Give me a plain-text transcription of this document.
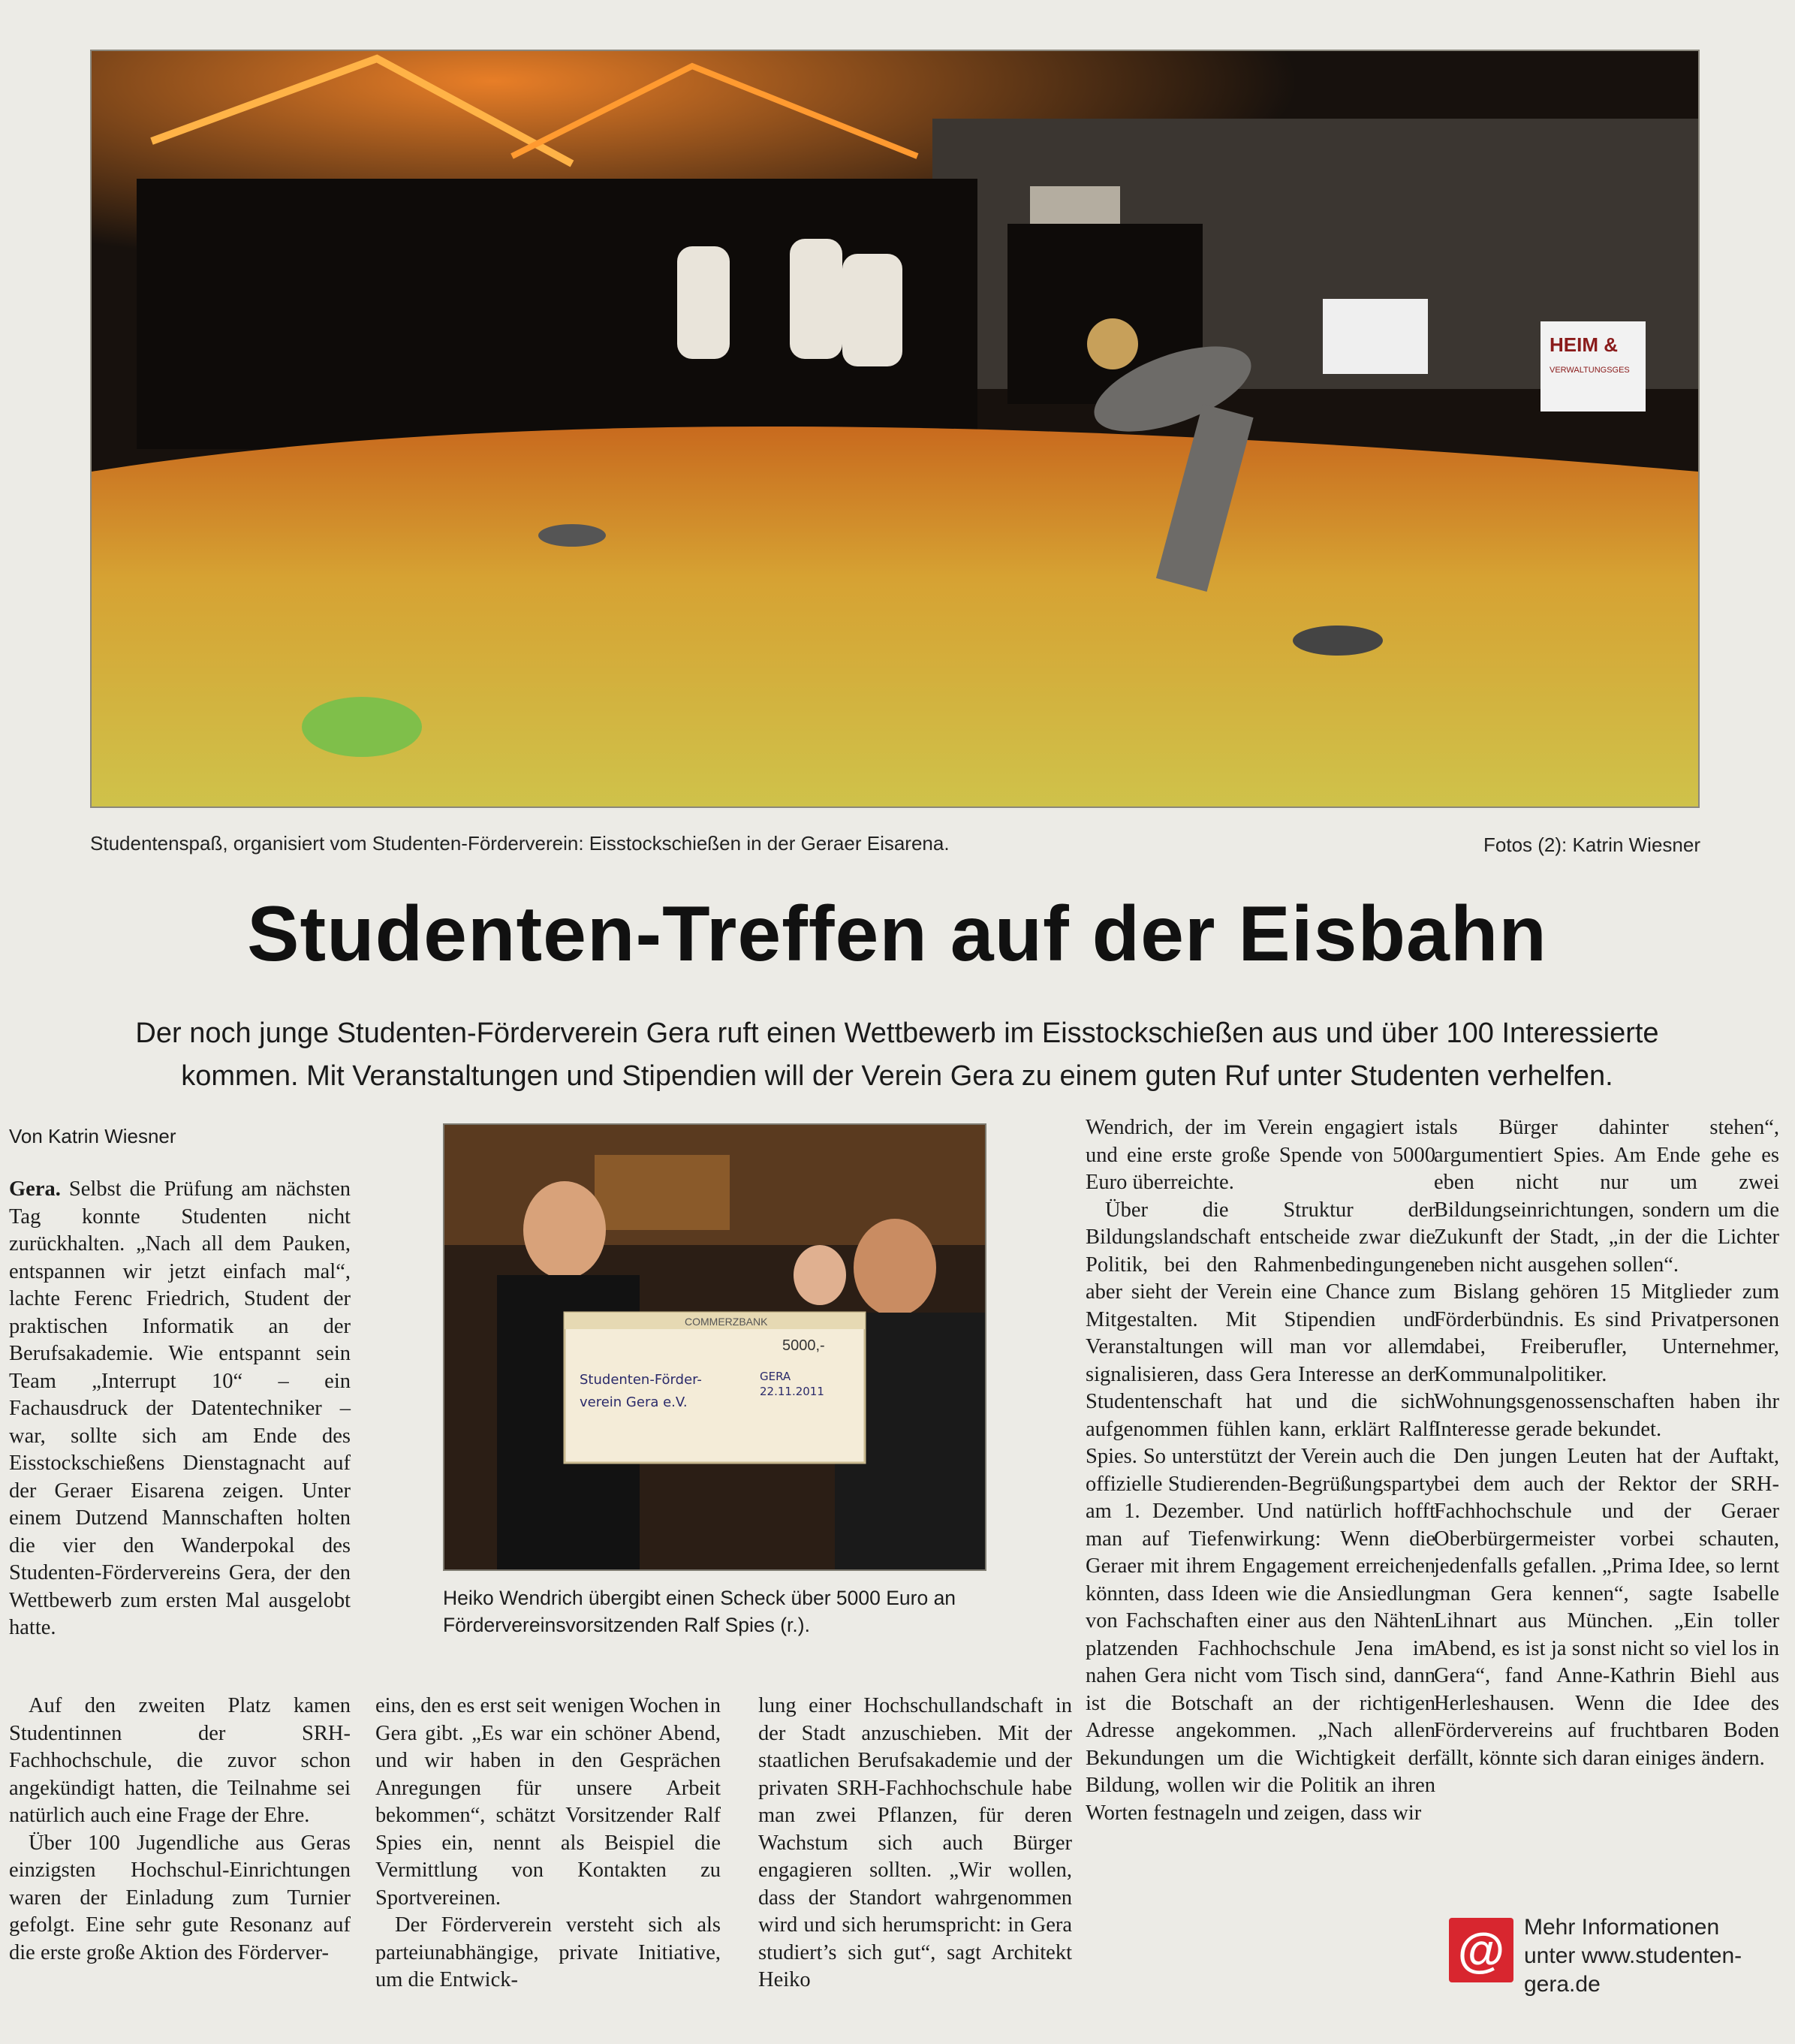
HEIM &
VERWALTUNGSGES
Studentenspaß, organisiert vom Studenten-Förderverein: Eisstockschießen in der Geraer Eisarena.	Fotos (2): Katrin Wiesner
Studenten-Treffen auf der Eisbahn
Der noch junge Studenten-Förderverein Gera ruft einen Wettbewerb im Eisstockschießen aus und über 100 Interessierte
kommen. Mit Veranstaltungen und Stipendien will der Verein Gera zu einem guten Ruf unter Studenten verhelfen.
Von Katrin Wiesner

Gera. Selbst die Prüfung am nächsten Tag konnte Studenten nicht zurückhalten. „Nach all dem Pauken, entspannen wir jetzt einfach mal“, lachte Ferenc Friedrich, Student der praktischen Informatik an der Berufsakademie. Wie entspannt sein Team „Interrupt 10“ – ein Fachausdruck der Datentechniker – war, sollte sich am Ende des Eisstockschießens Dienstagnacht auf der Geraer Eisarena zeigen. Unter einem Dutzend Mannschaften holten die vier den Wanderpokal des Studenten-Fördervereins Gera, der den Wettbewerb zum ersten Mal ausgelobt hatte.

Auf den zweiten Platz kamen Studentinnen der SRH-Fachhochschule, die zuvor schon angekündigt hatten, die Teilnahme sei natürlich auch eine Frage der Ehre.

Über 100 Jugendliche aus Geras einzigsten Hochschul-Einrichtungen waren der Einladung zum Turnier gefolgt. Eine sehr gute Resonanz auf die erste große Aktion des Förderver-

COMMERZBANK
5000,-
Studenten-Förder-
verein Gera e.V.
GERA
22.11.2011
Heiko Wendrich übergibt einen Scheck über 5000 Euro an Fördervereinsvorsitzenden Ralf Spies (r.).

eins, den es erst seit wenigen Wochen in Gera gibt. „Es war ein schöner Abend, und wir haben in den Gesprächen Anregungen für unsere Arbeit bekommen“, schätzt Vorsitzender Ralf Spies ein, nennt als Beispiel die Vermittlung von Kontakten zu Sportvereinen.

Der Förderverein versteht sich als parteiunabhängige, private Initiative, um die Entwick-

lung einer Hochschullandschaft in der Stadt anzuschieben. Mit der staatlichen Berufsakademie und der privaten SRH-Fachhochschule habe man zwei Pflanzen, für deren Wachstum sich auch Bürger engagieren sollten. „Wir wollen, dass der Standort wahrgenommen wird und sich herumspricht: in Gera studiert’s sich gut“, sagt Architekt Heiko

Wendrich, der im Verein engagiert ist und eine erste große Spende von 5000 Euro überreichte.

Über die Struktur der Bildungslandschaft entscheide zwar die Politik, bei den Rahmenbedingungen aber sieht der Verein eine Chance zum Mitgestalten. Mit Stipendien und Veranstaltungen will man vor allem signalisieren, dass Gera Interesse an der Studentenschaft hat und die sich aufgenommen fühlen kann, erklärt Ralf Spies. So unterstützt der Verein auch die offizielle Studierenden-Begrüßungsparty am 1. Dezember. Und natürlich hofft man auf Tiefenwirkung: Wenn die Geraer mit ihrem Engagement erreichen könnten, dass Ideen wie die Ansiedlung von Fachschaften einer aus den Nähten platzenden Fachhochschule Jena im nahen Gera nicht vom Tisch sind, dann ist die Botschaft an der richtigen Adresse angekommen. „Nach allen Bekundungen um die Wichtigkeit der Bildung, wollen wir die Politik an ihren Worten festnageln und zeigen, dass wir

als Bürger dahinter stehen“, argumentiert Spies. Am Ende gehe es eben nicht nur um zwei Bildungseinrichtungen, sondern um die Zukunft der Stadt, „in der die Lichter eben nicht ausgehen sollen“.

Bislang gehören 15 Mitglieder zum Förderbündnis. Es sind Privatpersonen dabei, Freiberufler, Unternehmer, Kommunalpolitiker. Wohnungsgenossenschaften haben ihr Interesse gerade bekundet.

Den jungen Leuten hat der Auftakt, bei dem auch der Rektor der SRH-Fachhochschule und der Geraer Oberbürgermeister vorbei schauten, jedenfalls gefallen. „Prima Idee, so lernt man Gera kennen“, sagte Isabelle Lihnart aus München. „Ein toller Abend, es ist ja sonst nicht so viel los in Gera“, fand Anne-Kathrin Biehl aus Herleshausen. Wenn die Idee des Fördervereins auf fruchtbaren Boden fällt, könnte sich daran einiges ändern.

@ Mehr Informationen
unter www.studenten-
gera.de
